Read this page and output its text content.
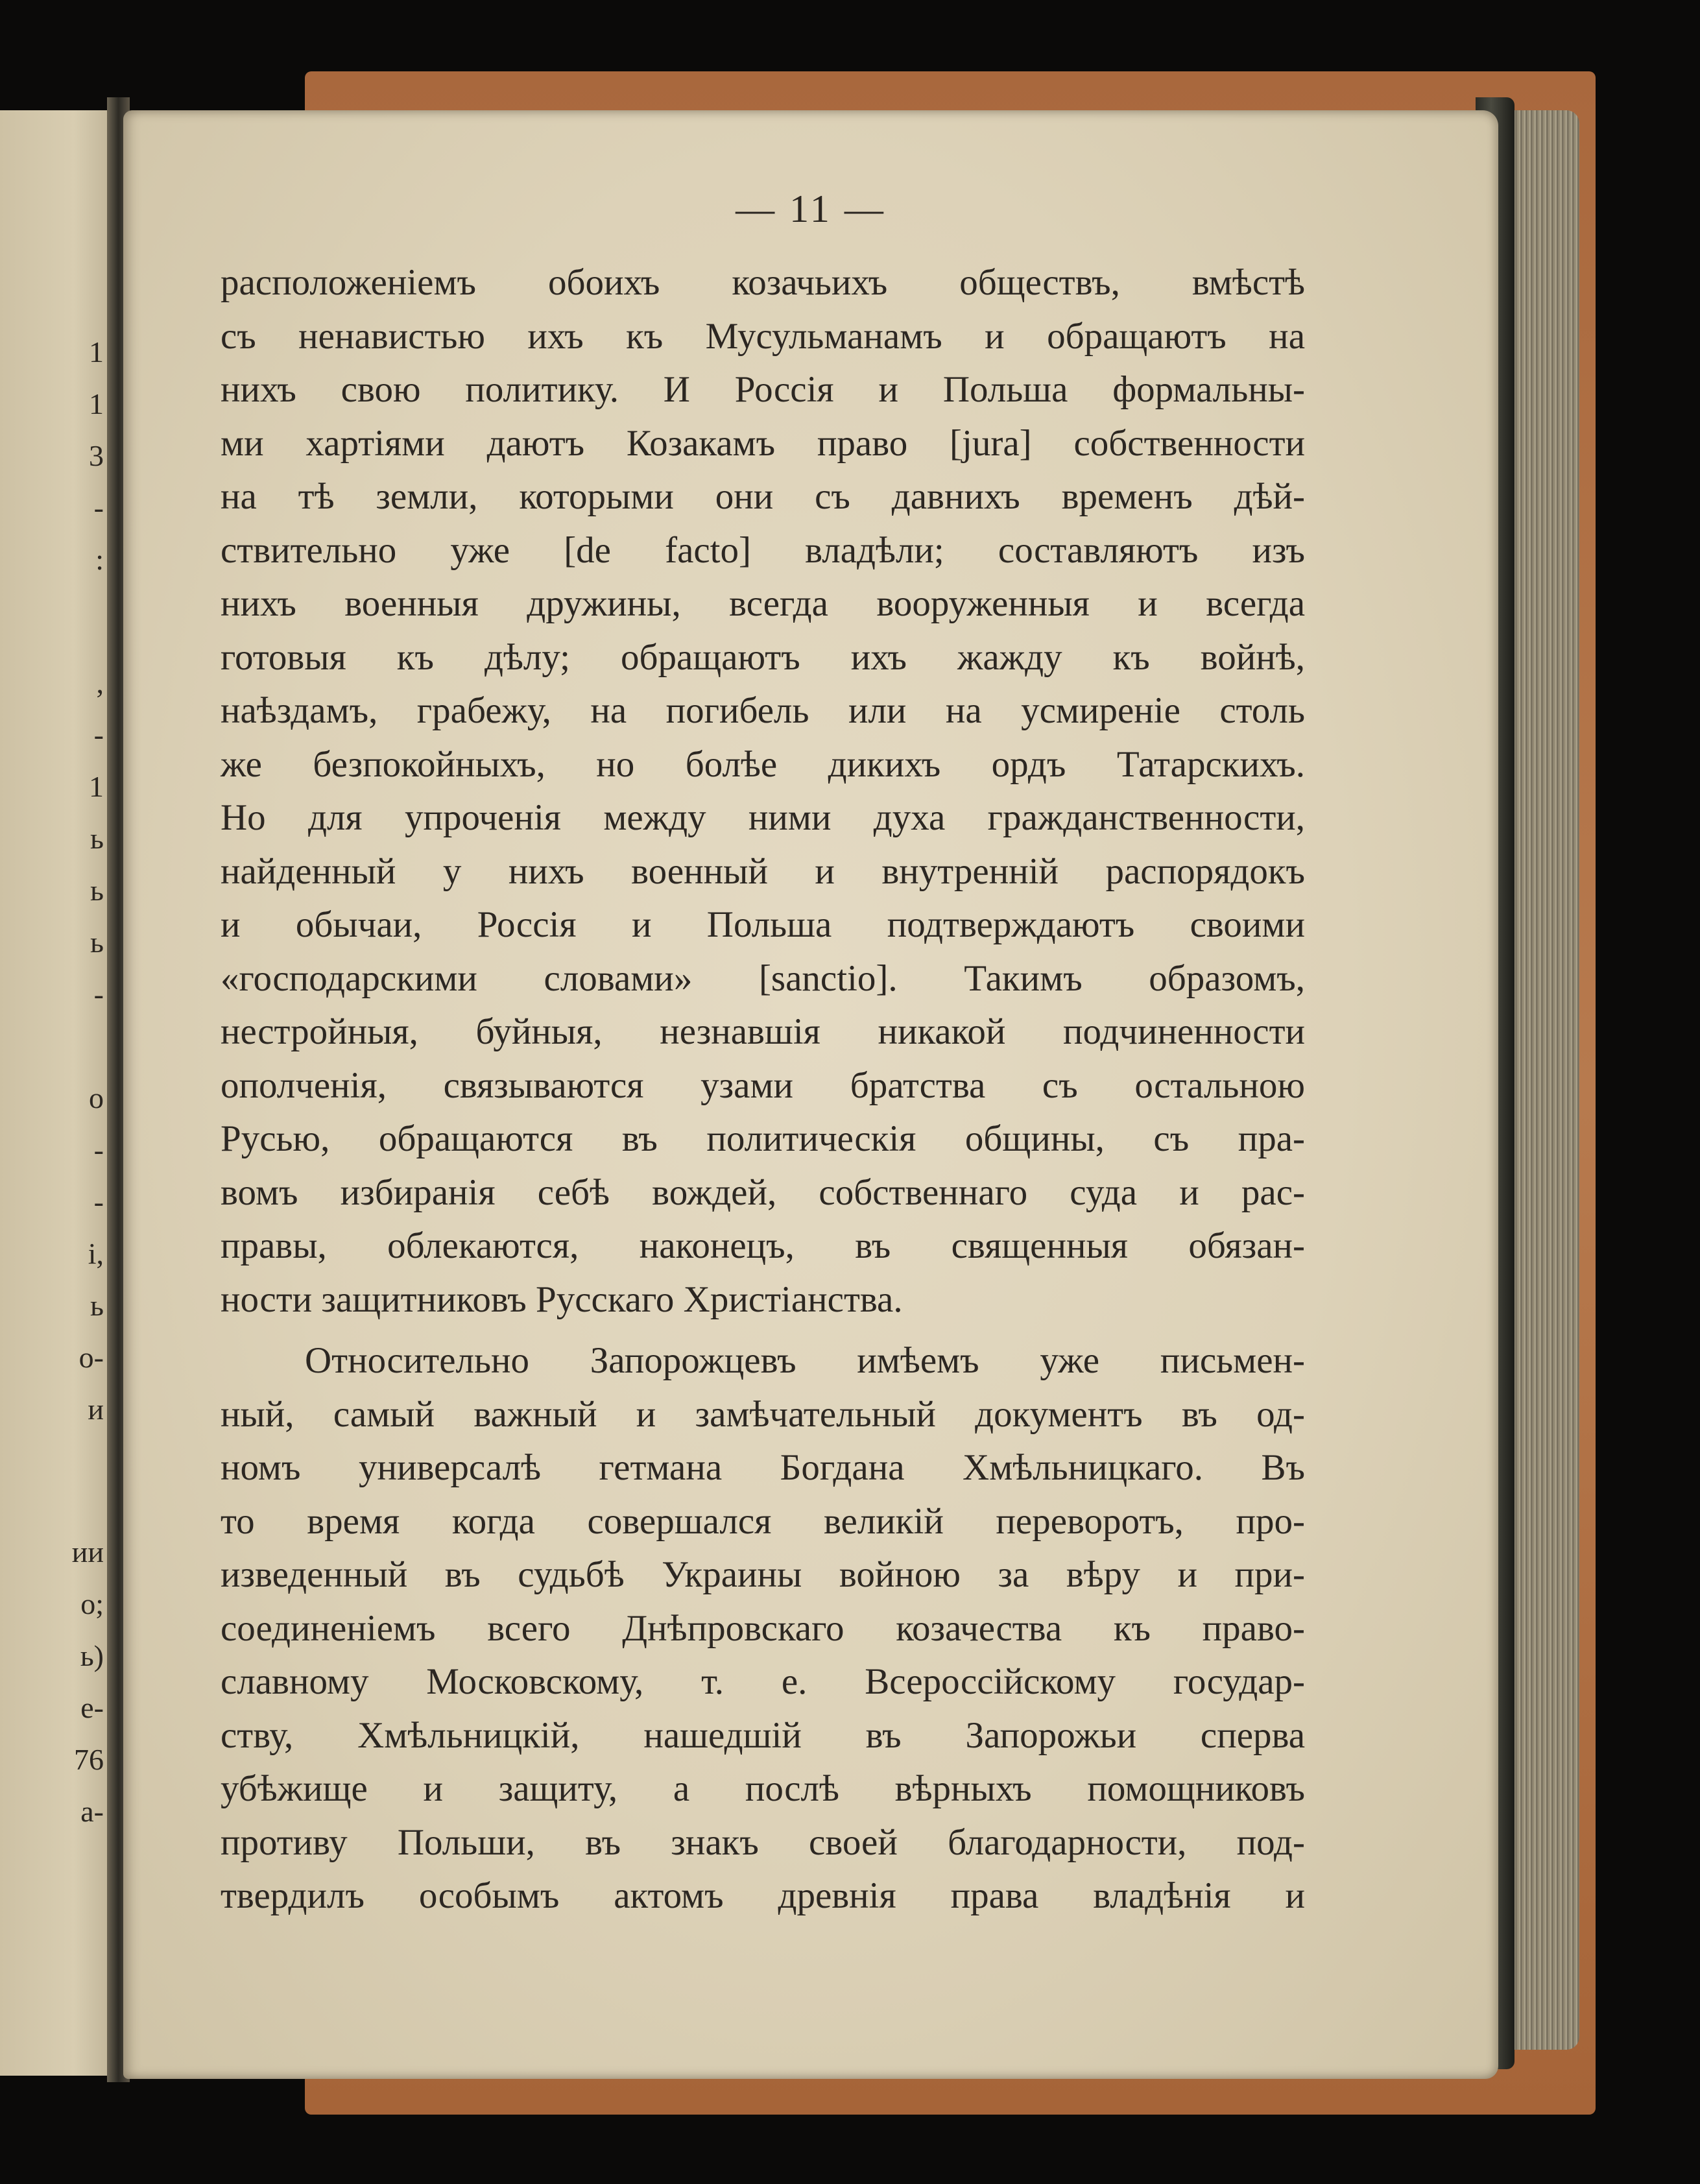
1
1
3
-
:
,
-
1
ь
ь
ь
-
о
-
-
і,
ь
о-
и
ии
о;
ь)
е-
76
а-
— 11 —
расположеніемъ обоихъ козачьихъ обществъ, вмѣстѣ
съ ненавистью ихъ къ Мусульманамъ и обращаютъ на
нихъ свою политику. И Россія и Польша формальны-
ми хартіями даютъ Козакамъ право [jura] собственности
на тѣ земли, которыми они съ давнихъ временъ дѣй-
ствительно уже [de facto] владѣли; составляютъ изъ
нихъ военныя дружины, всегда вооруженныя и всегда
готовыя къ дѣлу; обращаютъ ихъ жажду къ войнѣ,
наѣздамъ, грабежу, на погибель или на усмиреніе столь
же безпокойныхъ, но болѣе дикихъ ордъ Татарскихъ.
Но для упроченія между ними духа гражданственности,
найденный у нихъ военный и внутренній распорядокъ
и обычаи, Россія и Польша подтверждаютъ своими
«господарскими словами» [sanctio]. Такимъ образомъ,
нестройныя, буйныя, незнавшія никакой подчиненности
ополченія, связываются узами братства съ остальною
Русью, обращаются въ политическія общины, съ пра-
вомъ избиранія себѣ вождей, собственнаго суда и рас-
правы, облекаются, наконецъ, въ священныя обязан-
ности защитниковъ Русскаго Христіанства.
Относительно Запорожцевъ имѣемъ уже письмен-
ный, самый важный и замѣчательный документъ въ од-
номъ универсалѣ гетмана Богдана Хмѣльницкаго. Въ
то время когда совершался великій переворотъ, про-
изведенный въ судьбѣ Украины войною за вѣру и при-
соединеніемъ всего Днѣпровскаго козачества къ право-
славному Московскому, т. е. Всероссійскому государ-
ству, Хмѣльницкій, нашедшій въ Запорожьи сперва
убѣжище и защиту, а послѣ вѣрныхъ помощниковъ
противу Польши, въ знакъ своей благодарности, под-
твердилъ особымъ актомъ древнія права владѣнія и
